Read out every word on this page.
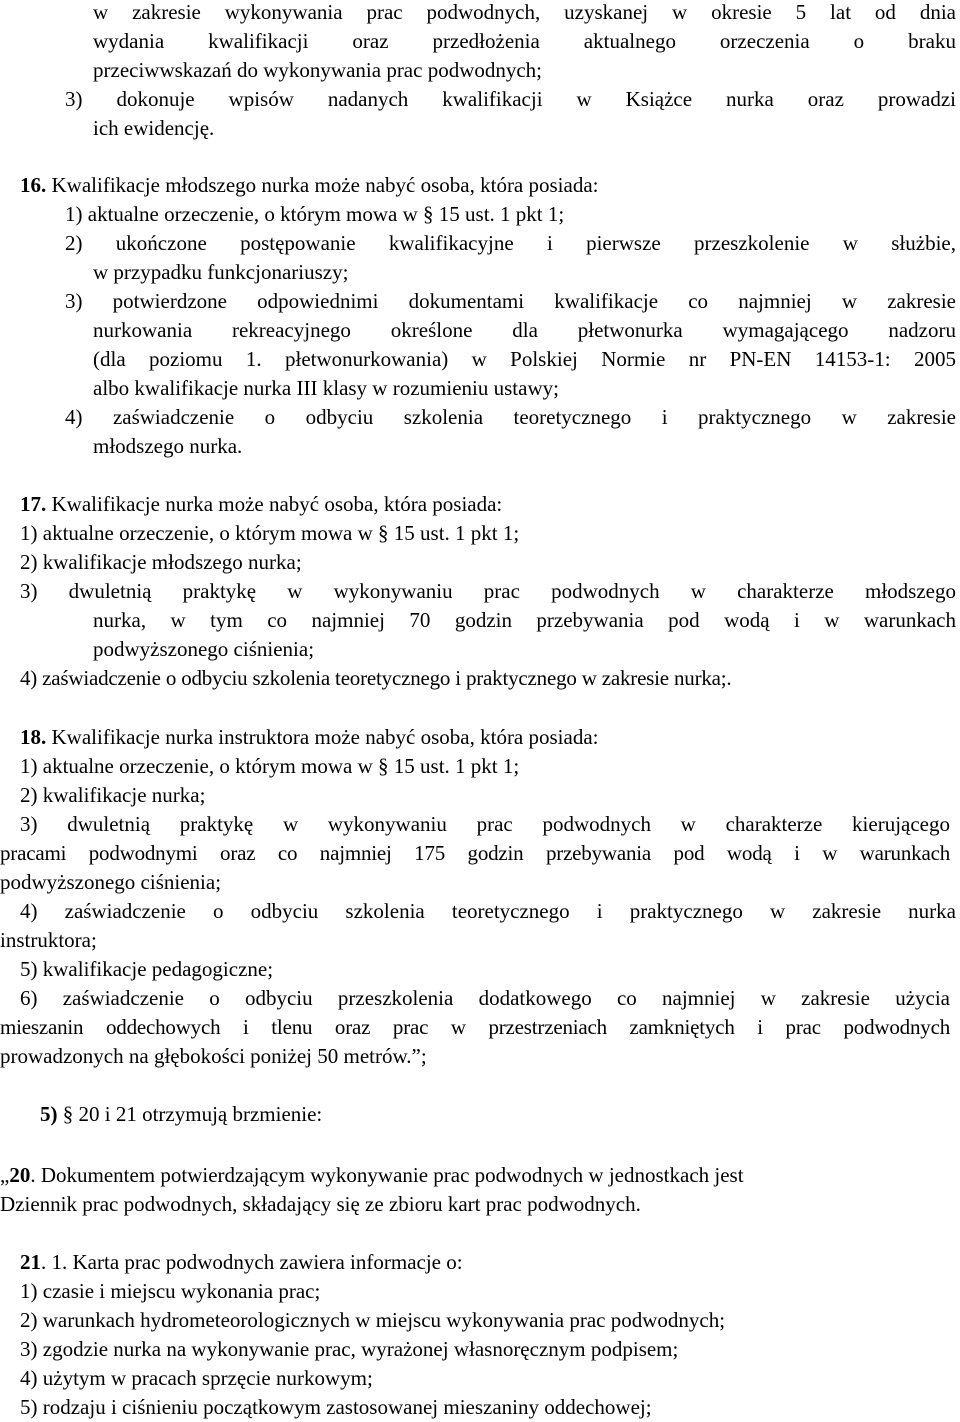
w zakresie wykonywania prac podwodnych, uzyskanej w okresie 5 lat od dnia
wydania kwalifikacji oraz przedłożenia aktualnego orzeczenia o braku
przeciwwskazań do wykonywania prac podwodnych;
3) dokonuje wpisów nadanych kwalifikacji w Książce nurka oraz prowadzi
ich ewidencję.
16. Kwalifikacje młodszego nurka może nabyć osoba, która posiada:
1) aktualne orzeczenie, o którym mowa w § 15 ust. 1 pkt 1;
2) ukończone postępowanie kwalifikacyjne i pierwsze przeszkolenie w służbie,
w przypadku funkcjonariuszy;
3) potwierdzone odpowiednimi dokumentami kwalifikacje co najmniej w zakresie
nurkowania rekreacyjnego określone dla płetwonurka wymagającego nadzoru
(dla poziomu 1. płetwonurkowania) w Polskiej Normie nr PN-EN 14153-1: 2005
albo kwalifikacje nurka III klasy w rozumieniu ustawy;
4) zaświadczenie o odbyciu szkolenia teoretycznego i praktycznego w zakresie
młodszego nurka.
17. Kwalifikacje nurka może nabyć osoba, która posiada:
1) aktualne orzeczenie, o którym mowa w § 15 ust. 1 pkt 1;
2) kwalifikacje młodszego nurka;
3) dwuletnią praktykę w wykonywaniu prac podwodnych w charakterze młodszego
nurka, w tym co najmniej 70 godzin przebywania pod wodą i w warunkach
podwyższonego ciśnienia;
4) zaświadczenie o odbyciu szkolenia teoretycznego i praktycznego w zakresie nurka;.
18. Kwalifikacje nurka instruktora może nabyć osoba, która posiada:
1) aktualne orzeczenie, o którym mowa w § 15 ust. 1 pkt 1;
2) kwalifikacje nurka;
3) dwuletnią praktykę w wykonywaniu prac podwodnych w charakterze kierującego
pracami podwodnymi oraz co najmniej 175 godzin przebywania pod wodą i w warunkach
podwyższonego ciśnienia;
4) zaświadczenie o odbyciu szkolenia teoretycznego i praktycznego w zakresie nurka
instruktora;
5) kwalifikacje pedagogiczne;
6) zaświadczenie o odbyciu przeszkolenia dodatkowego co najmniej w zakresie użycia
mieszanin oddechowych i tlenu oraz prac w przestrzeniach zamkniętych i prac podwodnych
prowadzonych na głębokości poniżej 50 metrów.”;
5) § 20 i 21 otrzymują brzmienie:
„20. Dokumentem potwierdzającym wykonywanie prac podwodnych w jednostkach jest
Dziennik prac podwodnych, składający się ze zbioru kart prac podwodnych.
21. 1. Karta prac podwodnych zawiera informacje o:
1) czasie i miejscu wykonania prac;
2) warunkach hydrometeorologicznych w miejscu wykonywania prac podwodnych;
3) zgodzie nurka na wykonywanie prac, wyrażonej własnoręcznym podpisem;
4) użytym w pracach sprzęcie nurkowym;
5) rodzaju i ciśnieniu początkowym zastosowanej mieszaniny oddechowej;
